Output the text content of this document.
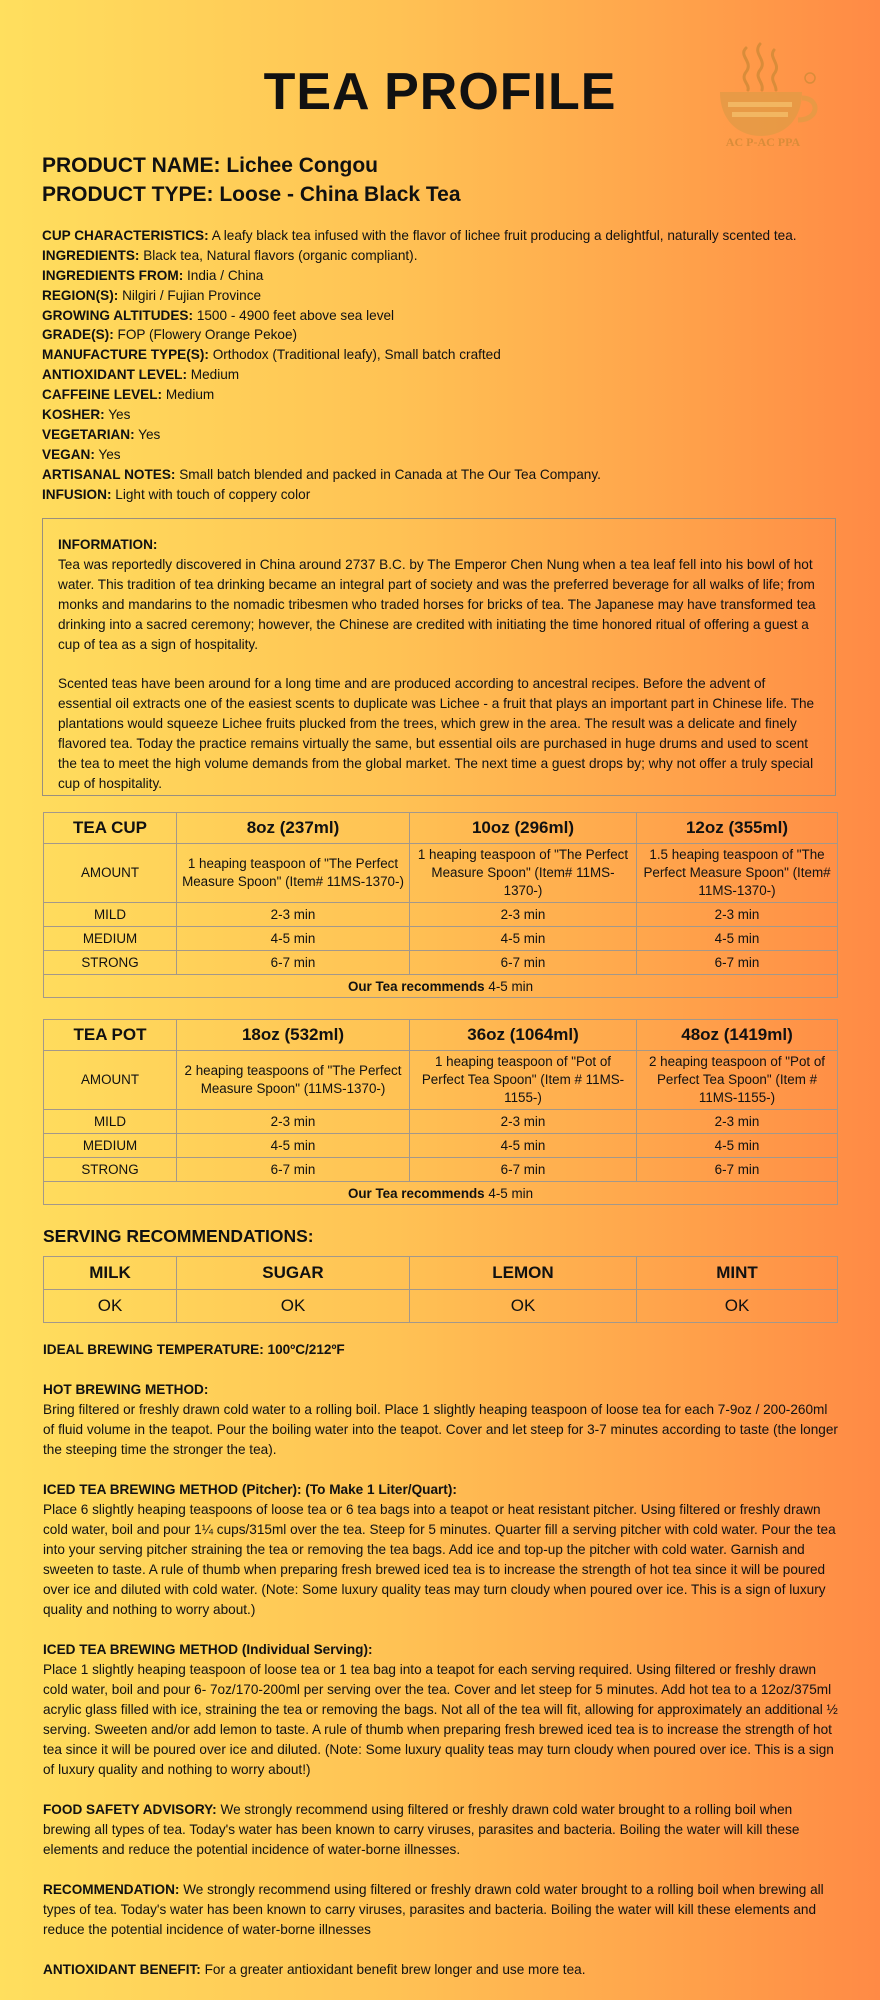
TEA PROFILE
AC P-AC PPA
PRODUCT NAME: Lichee Congou
PRODUCT TYPE: Loose - China Black Tea
CUP CHARACTERISTICS: A leafy black tea infused with the flavor of lichee fruit producing a delightful, naturally scented tea.
INGREDIENTS: Black tea, Natural flavors (organic compliant).
INGREDIENTS FROM: India / China
REGION(S): Nilgiri / Fujian Province
GROWING ALTITUDES: 1500 - 4900 feet above sea level
GRADE(S): FOP (Flowery Orange Pekoe)
MANUFACTURE TYPE(S): Orthodox (Traditional leafy), Small batch crafted
ANTIOXIDANT LEVEL: Medium
CAFFEINE LEVEL: Medium
KOSHER: Yes
VEGETARIAN: Yes
VEGAN: Yes
ARTISANAL NOTES: Small batch blended and packed in Canada at The Our Tea Company.
INFUSION: Light with touch of coppery color
INFORMATION:

Tea was reportedly discovered in China around 2737 B.C. by The Emperor Chen Nung when a tea leaf fell into his bowl of hot water. This tradition of tea drinking became an integral part of society and was the preferred beverage for all walks of life; from monks and mandarins to the nomadic tribesmen who traded horses for bricks of tea. The Japanese may have transformed tea drinking into a sacred ceremony; however, the Chinese are credited with initiating the time honored ritual of offering a guest a cup of tea as a sign of hospitality.

Scented teas have been around for a long time and are produced according to ancestral recipes. Before the advent of essential oil extracts one of the easiest scents to duplicate was Lichee - a fruit that plays an important part in Chinese life. The plantations would squeeze Lichee fruits plucked from the trees, which grew in the area. The result was a delicate and finely flavored tea. Today the practice remains virtually the same, but essential oils are purchased in huge drums and used to scent the tea to meet the high volume demands from the global market. The next time a guest drops by; why not offer a truly special cup of hospitality.

TEA CUP	8oz (237ml)	10oz (296ml)	12oz (355ml)
AMOUNT	1 heaping teaspoon of "The Perfect Measure Spoon" (Item# 11MS-1370-)	1 heaping teaspoon of "The Perfect Measure Spoon" (Item# 11MS-1370-)	1.5 heaping teaspoon of "The Perfect Measure Spoon" (Item# 11MS-1370-)
MILD	2-3 min	2-3 min	2-3 min
MEDIUM	4-5 min	4-5 min	4-5 min
STRONG	6-7 min	6-7 min	6-7 min
Our Tea recommends 4-5 min			
TEA POT	18oz (532ml)	36oz (1064ml)	48oz (1419ml)
AMOUNT	2 heaping teaspoons of "The Perfect Measure Spoon" (11MS-1370-)	1 heaping teaspoon of "Pot of Perfect Tea Spoon" (Item # 11MS-1155-)	2 heaping teaspoon of "Pot of Perfect Tea Spoon" (Item # 11MS-1155-)
MILD	2-3 min	2-3 min	2-3 min
MEDIUM	4-5 min	4-5 min	4-5 min
STRONG	6-7 min	6-7 min	6-7 min
Our Tea recommends 4-5 min			
SERVING RECOMMENDATIONS:
MILK	SUGAR	LEMON	MINT
OK	OK	OK	OK

IDEAL BREWING TEMPERATURE: 100ºC/212ºF

HOT BREWING METHOD:
Bring filtered or freshly drawn cold water to a rolling boil. Place 1 slightly heaping teaspoon of loose tea for each 7-9oz / 200-260ml of fluid volume in the teapot. Pour the boiling water into the teapot. Cover and let steep for 3-7 minutes according to taste (the longer the steeping time the stronger the tea).

ICED TEA BREWING METHOD (Pitcher): (To Make 1 Liter/Quart):
Place 6 slightly heaping teaspoons of loose tea or 6 tea bags into a teapot or heat resistant pitcher. Using filtered or freshly drawn cold water, boil and pour 1¼ cups/315ml over the tea. Steep for 5 minutes. Quarter fill a serving pitcher with cold water. Pour the tea into your serving pitcher straining the tea or removing the tea bags. Add ice and top-up the pitcher with cold water. Garnish and sweeten to taste. A rule of thumb when preparing fresh brewed iced tea is to increase the strength of hot tea since it will be poured over ice and diluted with cold water. (Note: Some luxury quality teas may turn cloudy when poured over ice. This is a sign of luxury quality and nothing to worry about.)

ICED TEA BREWING METHOD (Individual Serving):
Place 1 slightly heaping teaspoon of loose tea or 1 tea bag into a teapot for each serving required. Using filtered or freshly drawn cold water, boil and pour 6- 7oz/170-200ml per serving over the tea. Cover and let steep for 5 minutes. Add hot tea to a 12oz/375ml acrylic glass filled with ice, straining the tea or removing the bags. Not all of the tea will fit, allowing for approximately an additional ½ serving. Sweeten and/or add lemon to taste. A rule of thumb when preparing fresh brewed iced tea is to increase the strength of hot tea since it will be poured over ice and diluted. (Note: Some luxury quality teas may turn cloudy when poured over ice. This is a sign of luxury quality and nothing to worry about!)

FOOD SAFETY ADVISORY: We strongly recommend using filtered or freshly drawn cold water brought to a rolling boil when brewing all types of tea. Today's water has been known to carry viruses, parasites and bacteria. Boiling the water will kill these elements and reduce the potential incidence of water-borne illnesses.

RECOMMENDATION: We strongly recommend using filtered or freshly drawn cold water brought to a rolling boil when brewing all types of tea. Today's water has been known to carry viruses, parasites and bacteria. Boiling the water will kill these elements and reduce the potential incidence of water-borne illnesses

ANTIOXIDANT BENEFIT: For a greater antioxidant benefit brew longer and use more tea.
